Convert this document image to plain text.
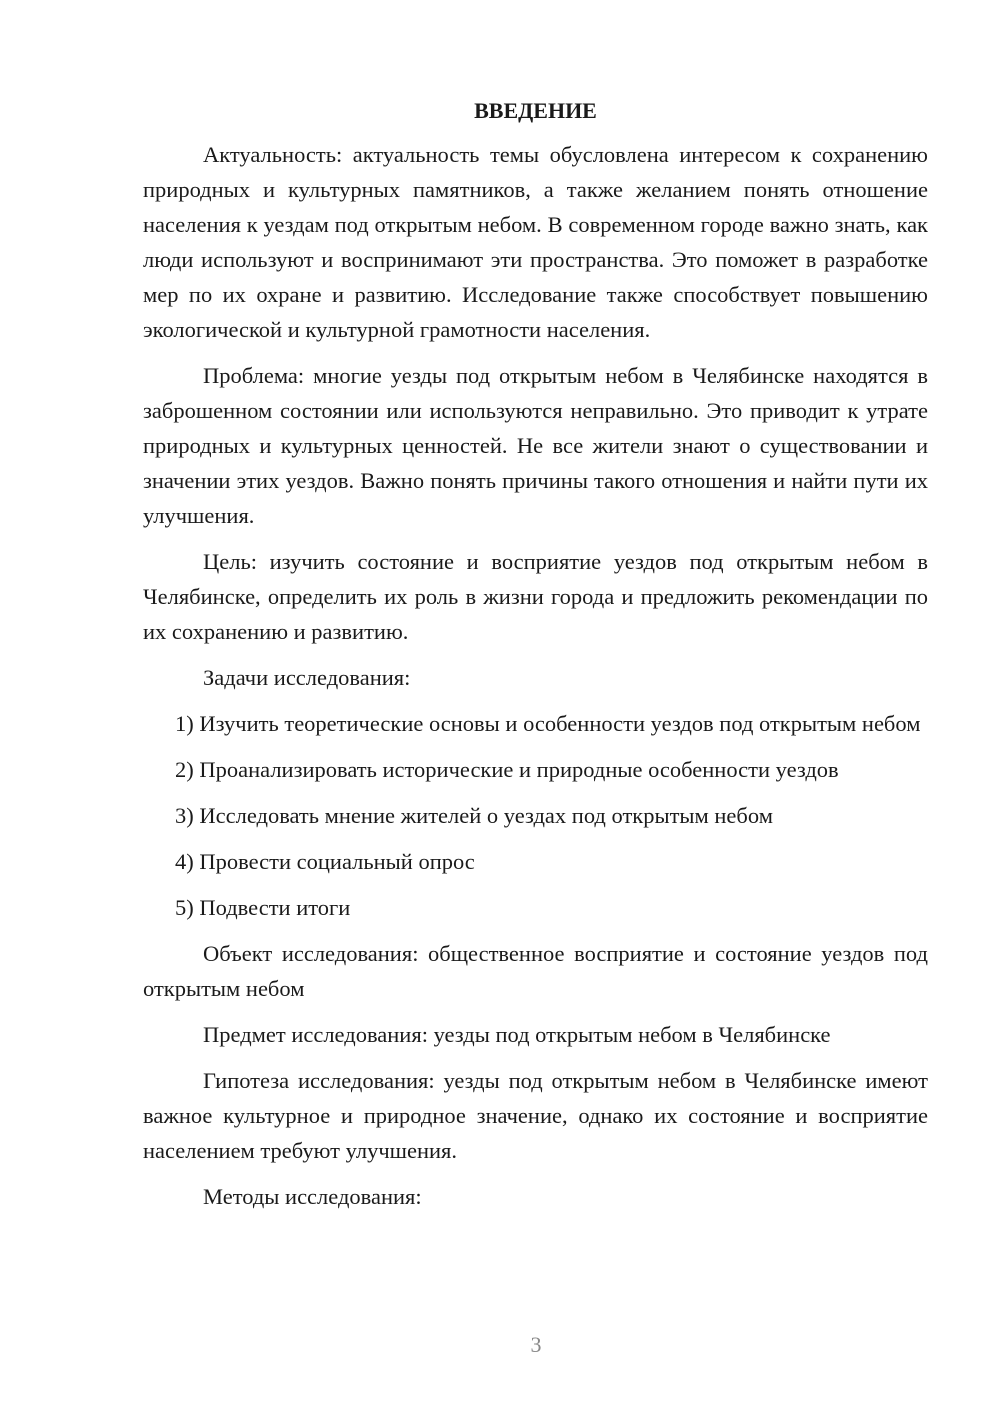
ВВЕДЕНИЕ

Актуальность: актуальность темы обусловлена интересом к сохранению природных и культурных памятников, а также желанием понять отношение населения к уездам под открытым небом. В современном городе важно знать, как люди используют и воспринимают эти пространства. Это поможет в разработке мер по их охране и развитию. Исследование также способствует повышению экологической и культурной грамотности населения.

Проблема: многие уезды под открытым небом в Челябинске находятся в заброшенном состоянии или используются неправильно. Это приводит к утрате природных и культурных ценностей. Не все жители знают о существовании и значении этих уездов. Важно понять причины такого отношения и найти пути их улучшения.

Цель: изучить состояние и восприятие уездов под открытым небом в Челябинске, определить их роль в жизни города и предложить рекомендации по их сохранению и развитию.

Задачи исследования:

1) Изучить теоретические основы и особенности уездов под открытым небом

2) Проанализировать исторические и природные особенности уездов

3) Исследовать мнение жителей о уездах под открытым небом

4) Провести социальный опрос

5) Подвести итоги

Объект исследования: общественное восприятие и состояние уездов под открытым небом

Предмет исследования: уезды под открытым небом в Челябинске

Гипотеза исследования: уезды под открытым небом в Челябинске имеют важное культурное и природное значение, однако их состояние и восприятие населением требуют улучшения.

Методы исследования:

3
